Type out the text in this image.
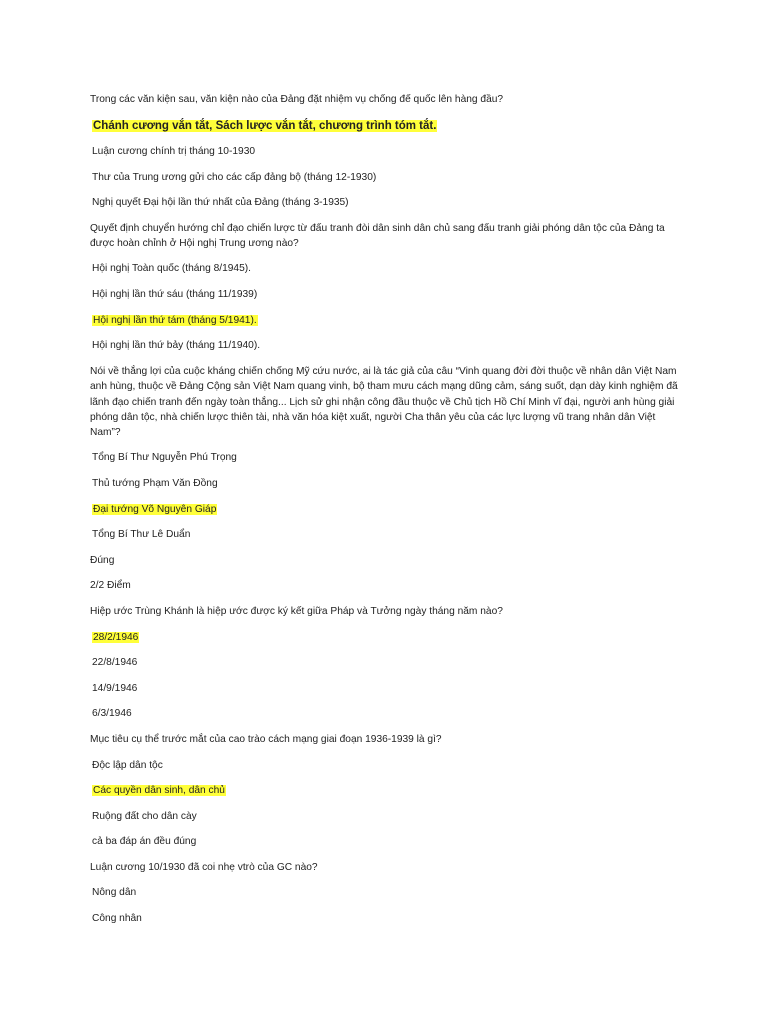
Trong các văn kiện sau, văn kiện nào của Đảng đặt nhiệm vụ chống đế quốc lên hàng đầu?
Chánh cương vắn tắt, Sách lược vắn tắt, chương trình tóm tắt.
Luận cương chính trị tháng 10-1930
Thư của Trung ương gửi cho các cấp đảng bộ (tháng 12-1930)
Nghị quyết Đại hội lần thứ nhất của Đảng (tháng 3-1935)
Quyết định chuyển hướng chỉ đạo chiến lược từ đấu tranh đòi dân sinh dân chủ sang đấu tranh giải phóng dân tộc của Đảng ta được hoàn chỉnh ở Hội nghị Trung ương nào?
Hội nghị Toàn quốc (tháng 8/1945).
Hội nghị lần thứ sáu (tháng 11/1939)
Hội nghị lần thứ tám (tháng 5/1941).
Hội nghị lần thứ bảy (tháng 11/1940).
Nói về thắng lợi của cuộc kháng chiến chống Mỹ cứu nước, ai là tác giả của câu “Vinh quang đời đời thuộc về nhân dân Việt Nam anh hùng, thuộc về Đảng Cộng sản Việt Nam quang vinh, bộ tham mưu cách mạng dũng cảm, sáng suốt, dạn dày kinh nghiệm đã lãnh đạo chiến tranh đến ngày toàn thắng... Lịch sử ghi nhận công đầu thuộc về Chủ tịch Hồ Chí Minh vĩ đại, người anh hùng giải phóng dân tộc, nhà chiến lược thiên tài, nhà văn hóa kiệt xuất, người Cha thân yêu của các lực lượng vũ trang nhân dân Việt Nam”?
Tổng Bí Thư Nguyễn Phú Trọng
Thủ tướng Phạm Văn Đồng
Đại tướng Võ Nguyên Giáp
Tổng Bí Thư Lê Duẩn
Đúng
2/2 Điểm
Hiệp ước Trùng Khánh là hiệp ước được ký kết giữa Pháp và Tưởng ngày tháng năm nào?
28/2/1946
22/8/1946
14/9/1946
6/3/1946
Mục tiêu cụ thể trước mắt của cao trào cách mạng giai đoạn 1936-1939 là gì?
Độc lập dân tộc
Các quyền dân sinh, dân chủ
Ruộng đất cho dân cày
cả ba đáp án đều đúng
Luận cương 10/1930 đã coi nhẹ vtrò của GC nào?
Nông dân
Công nhân
